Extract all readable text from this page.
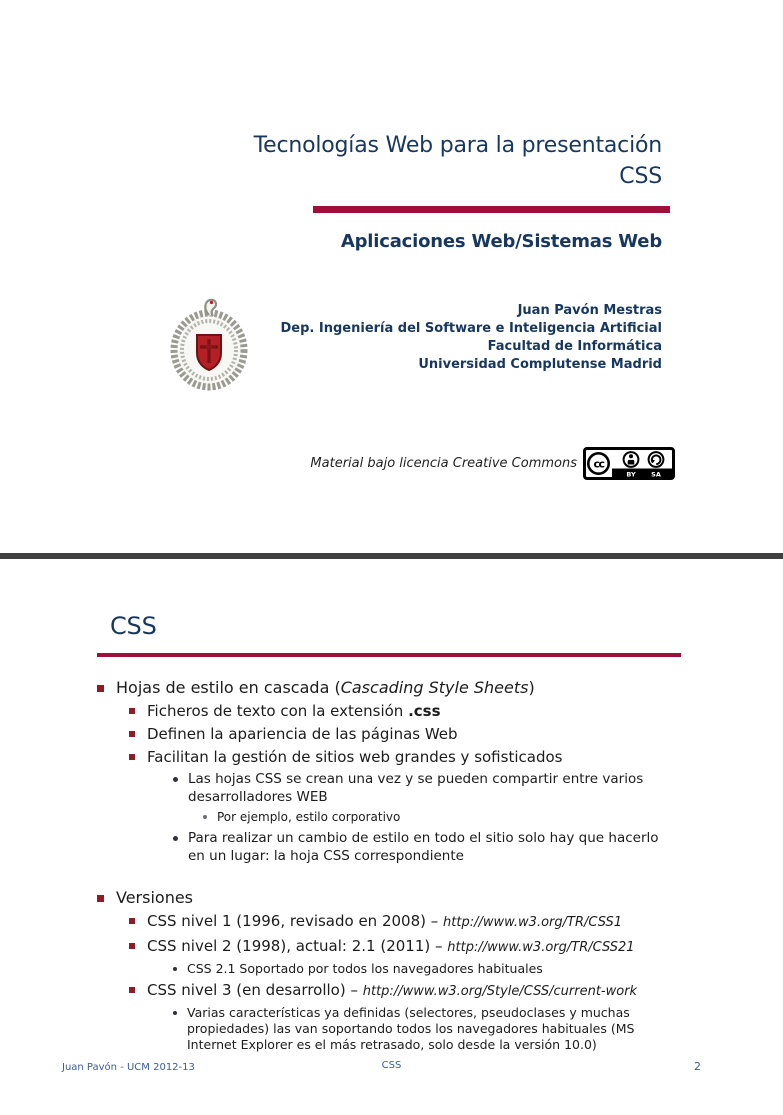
Tecnologías Web para la presentación
CSS
Aplicaciones Web/Sistemas Web
Juan Pavón Mestras
Dep. Ingeniería del Software e Inteligencia Artificial
Facultad de Informática
Universidad Complutense Madrid
Material bajo licencia Creative Commons cc
BY SA
CSS
Hojas de estilo en cascada (Cascading Style Sheets)
Ficheros de texto con la extensión .css
Definen la apariencia de las páginas Web
Facilitan la gestión de sitios web grandes y sofisticados
Las hojas CSS se crean una vez y se pueden compartir entre varios desarrolladores WEB
Por ejemplo, estilo corporativo
Para realizar un cambio de estilo en todo el sitio solo hay que hacerlo en un lugar: la hoja CSS correspondiente
Versiones
CSS nivel 1 (1996, revisado en 2008) – http://www.w3.org/TR/CSS1
CSS nivel 2 (1998), actual: 2.1 (2011) – http://www.w3.org/TR/CSS21
CSS 2.1 Soportado por todos los navegadores habituales
CSS nivel 3 (en desarrollo) – http://www.w3.org/Style/CSS/current-work
Varias características ya definidas (selectores, pseudoclases y muchas propiedades) las van soportando todos los navegadores habituales (MS Internet Explorer es el más retrasado, solo desde la versión 10.0)
Juan Pavón - UCM 2012-13	CSS	2
